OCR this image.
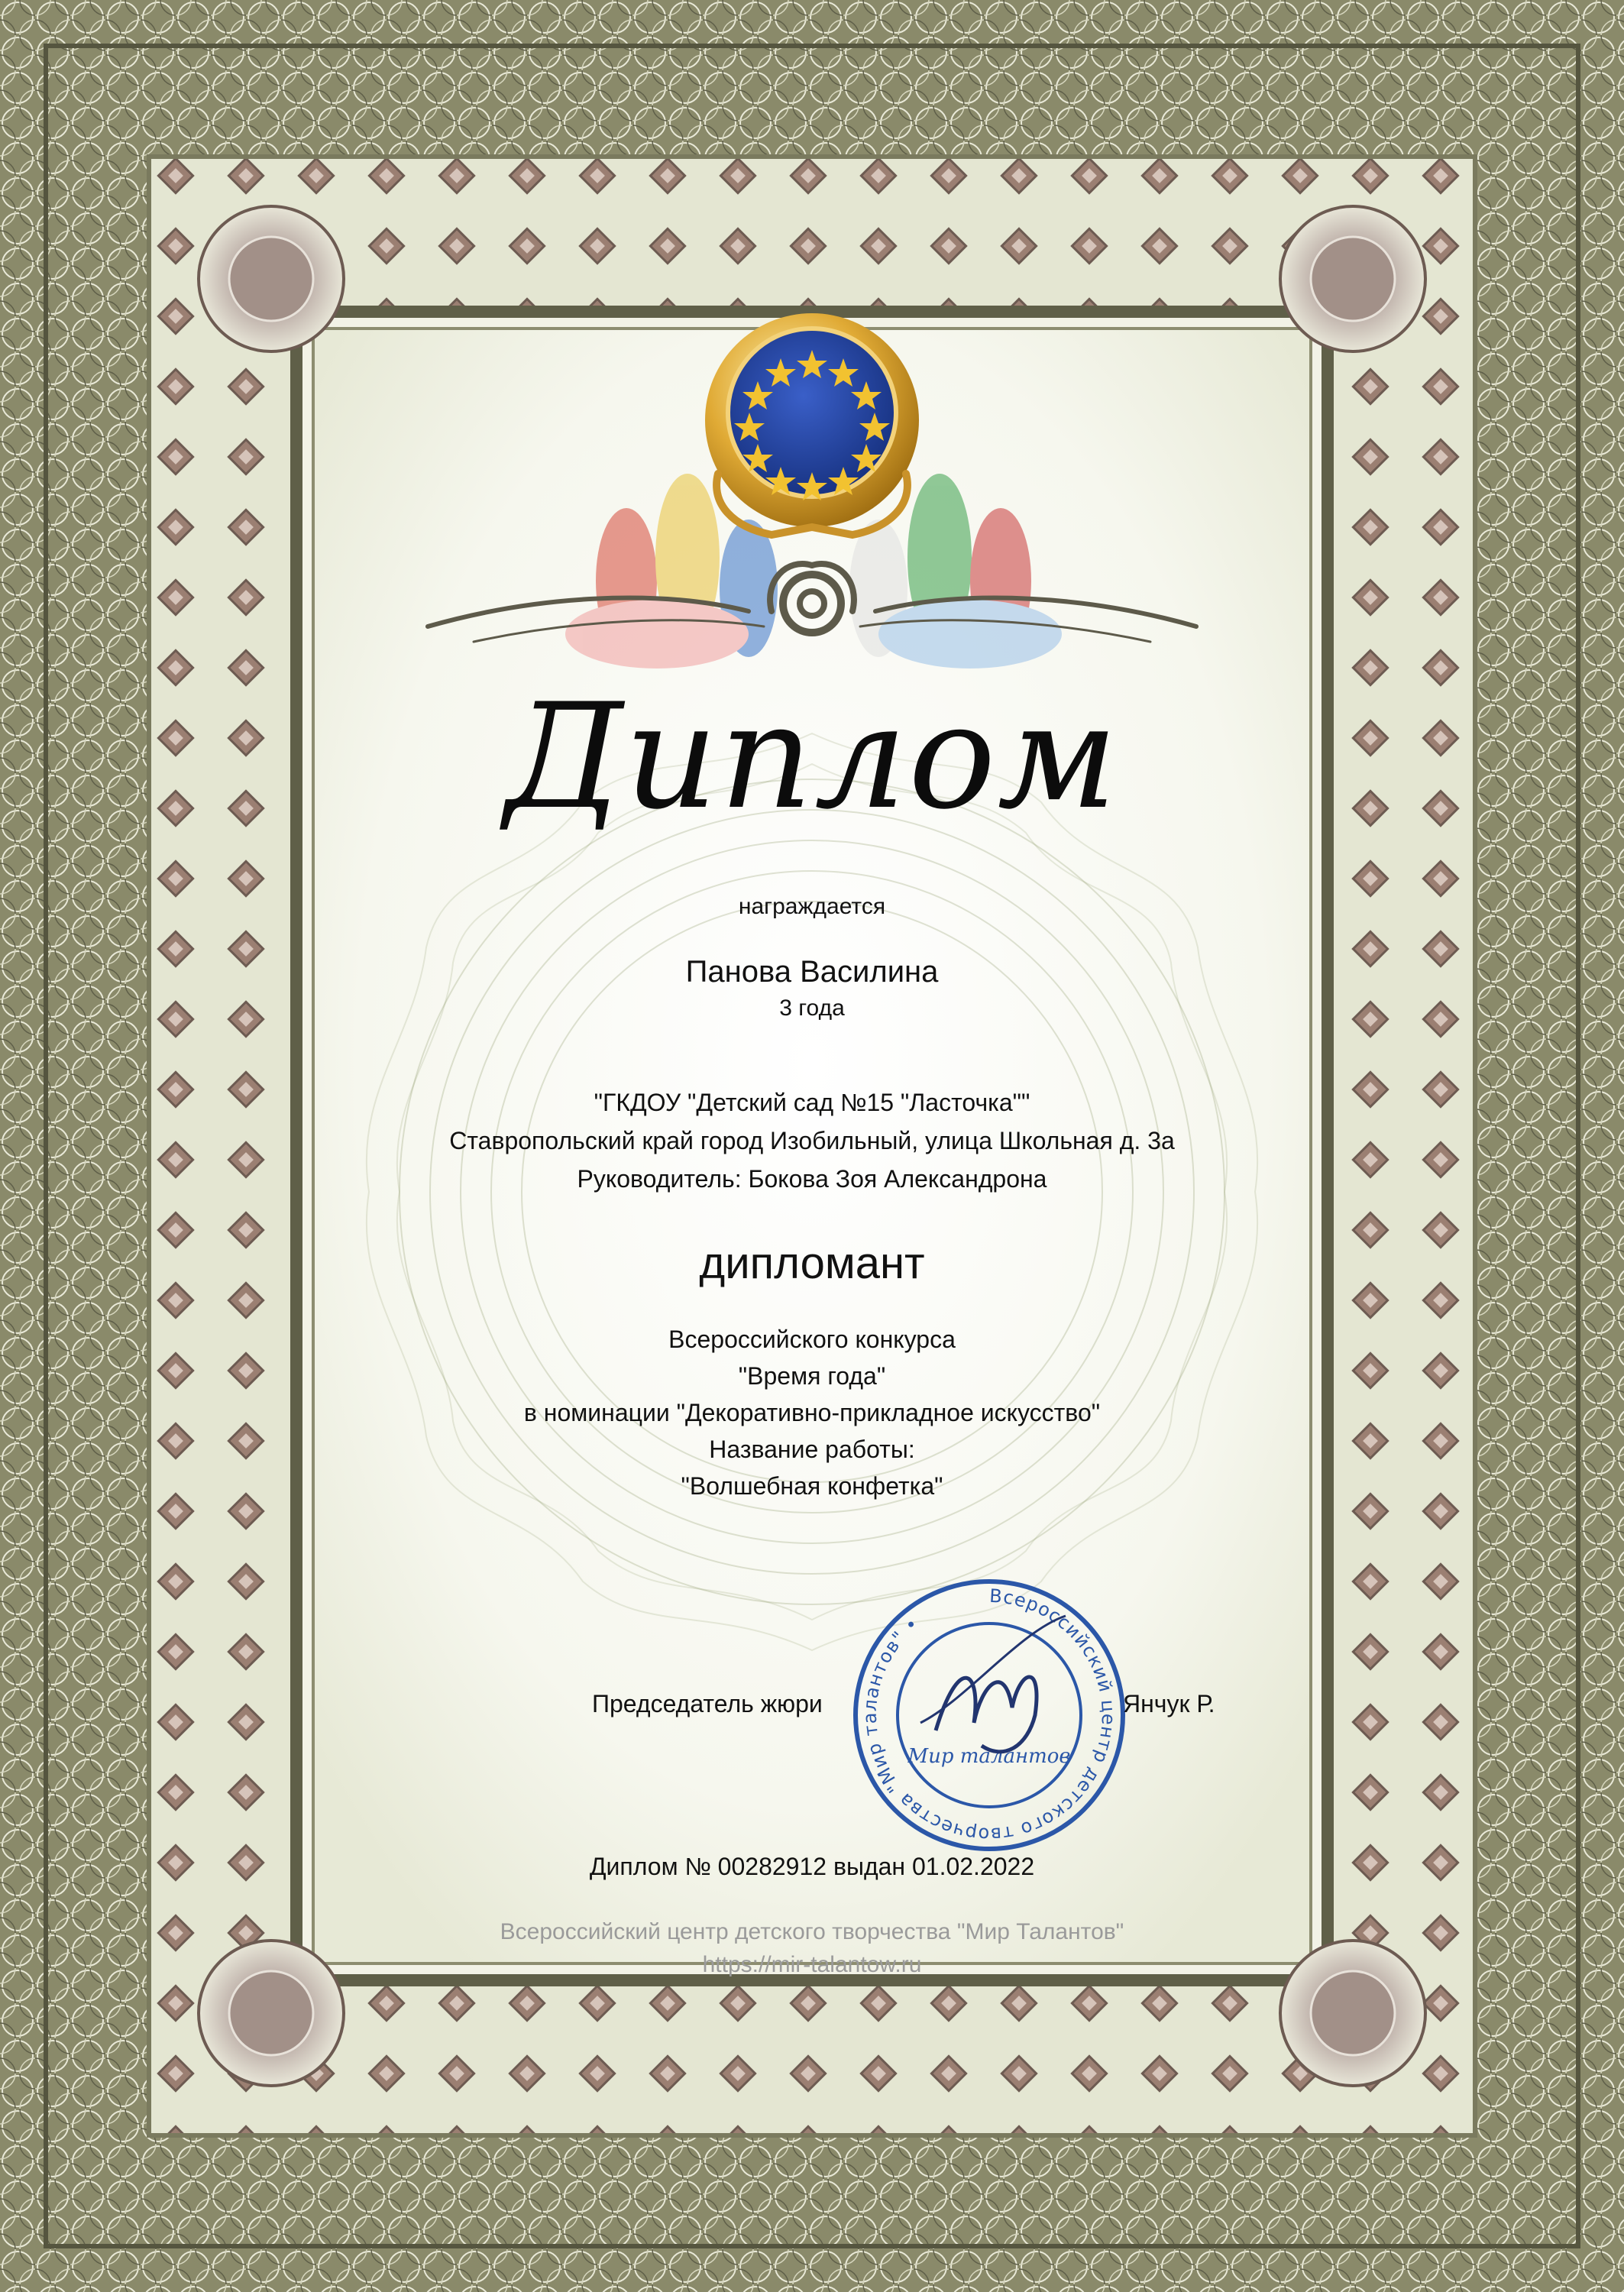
Всероссийский центр детского творчества "Мир талантов" •
Мир талантов
Диплом
награждается
Панова Василина
3 года
"ГКДОУ "Детский сад №15 "Ласточка""
Ставропольский край город Изобильный, улица Школьная д. 3а
Руководитель: Бокова Зоя Александрона
дипломант
Всероссийского конкурса
"Время года"
в номинации "Декоративно-прикладное искусство"
Название работы:
"Волшебная конфетка"
Председатель жюри	Янчук Р.
Диплом № 00282912 выдан 01.02.2022
Всероссийский центр детского творчества "Мир Талантов"
https://mir-talantow.ru
